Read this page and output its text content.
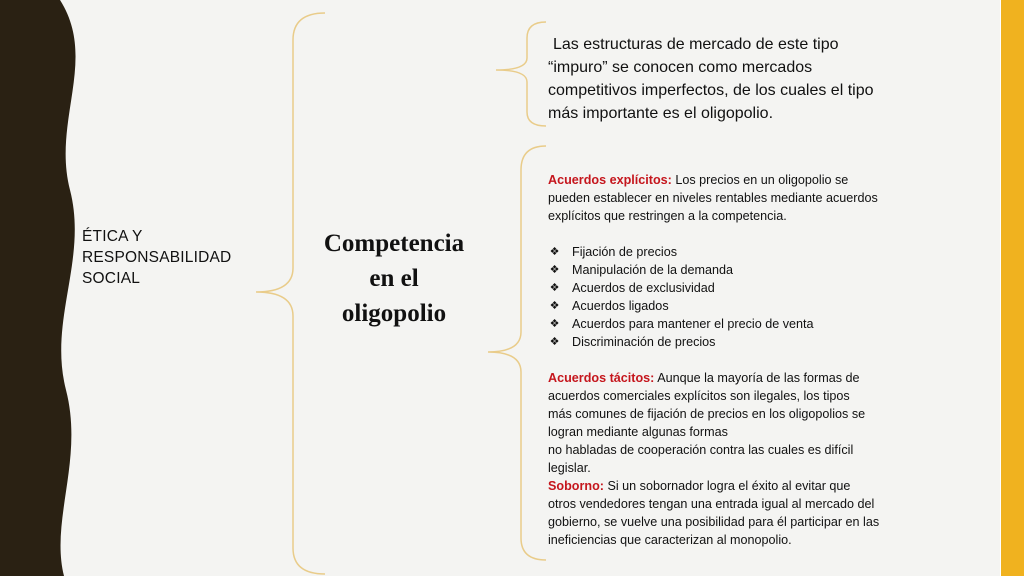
ÉTICA Y
RESPONSABILIDAD
SOCIAL
Competencia
en el
oligopolio
Las estructuras de mercado de este tipo
“impuro” se conocen como mercados
competitivos imperfectos, de los cuales el tipo
más importante es el oligopolio.
Acuerdos explícitos: Los precios en un oligopolio se
pueden establecer en niveles rentables mediante acuerdos
explícitos que restringen a la competencia.
❖ Fijación de precios
❖ Manipulación de la demanda
❖ Acuerdos de exclusividad
❖ Acuerdos ligados
❖ Acuerdos para mantener el precio de venta
❖ Discriminación de precios
Acuerdos tácitos: Aunque la mayoría de las formas de
acuerdos comerciales explícitos son ilegales, los tipos
más comunes de fijación de precios en los oligopolios se
logran mediante algunas formas
no habladas de cooperación contra las cuales es difícil
legislar.
Soborno: Si un sobornador logra el éxito al evitar que
otros vendedores tengan una entrada igual al mercado del
gobierno, se vuelve una posibilidad para él participar en las
ineficiencias que caracterizan al monopolio.
